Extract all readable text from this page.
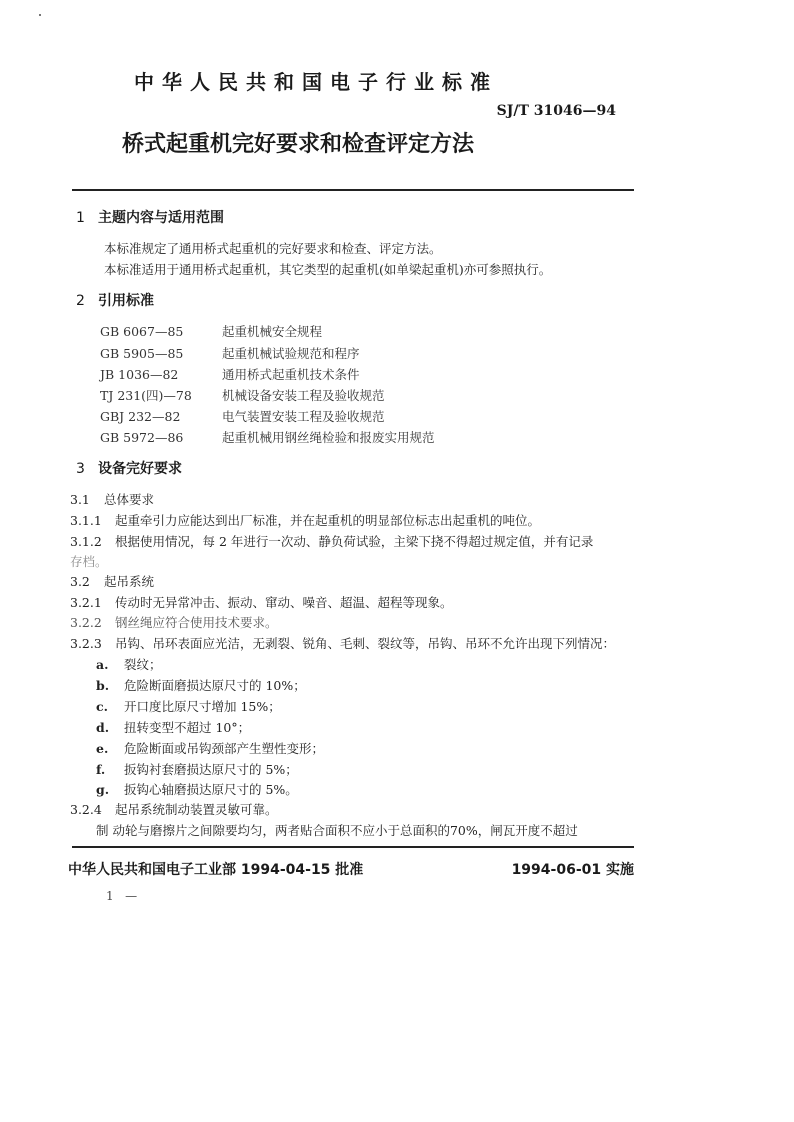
中华人民共和国电子行业标准
SJ/T 31046—94
桥式起重机完好要求和检查评定方法
1 主题内容与适用范围
本标准规定了通用桥式起重机的完好要求和检查、评定方法。
本标准适用于通用桥式起重机，其它类型的起重机(如单梁起重机)亦可参照执行。
2 引用标准
GB 6067—85	起重机械安全规程
GB 5905—85	起重机械试验规范和程序
JB 1036—82	通用桥式起重机技术条件
TJ 231(四)—78 机械设备安装工程及验收规范
GBJ 232—82	电气装置安装工程及验收规范
GB 5972—86	起重机械用钢丝绳检验和报废实用规范
3 设备完好要求
3.1 总体要求
3.1.1 起重牵引力应能达到出厂标准，并在起重机的明显部位标志出起重机的吨位。
3.1.2 根据使用情况，每 2 年进行一次动、静负荷试验，主梁下挠不得超过规定值，并有记录
存档。
3.2 起吊系统
3.2.1 传动时无异常冲击、振动、窜动、噪音、超温、超程等现象。
3.2.2 钢丝绳应符合使用技术要求。
3.2.3 吊钩、吊环表面应光洁，无剥裂、锐角、毛刺、裂纹等，吊钩、吊环不允许出现下列情况：
a. 裂纹；
b. 危险断面磨损达原尺寸的 10%；
c. 开口度比原尺寸增加 15%；
d. 扭转变型不超过 10°；
e. 危险断面或吊钩颈部产生塑性变形；
f. 扳钩衬套磨损达原尺寸的 5%；
g. 扳钩心轴磨损达原尺寸的 5%。
3.2.4 起吊系统制动装置灵敏可靠。
制 动轮与磨擦片之间隙要均匀，两者贴合面积不应小于总面积的70%，闸瓦开度不超过
中华人民共和国电子工业部 1994-04-15 批准	1994-06-01 实施
1 —
